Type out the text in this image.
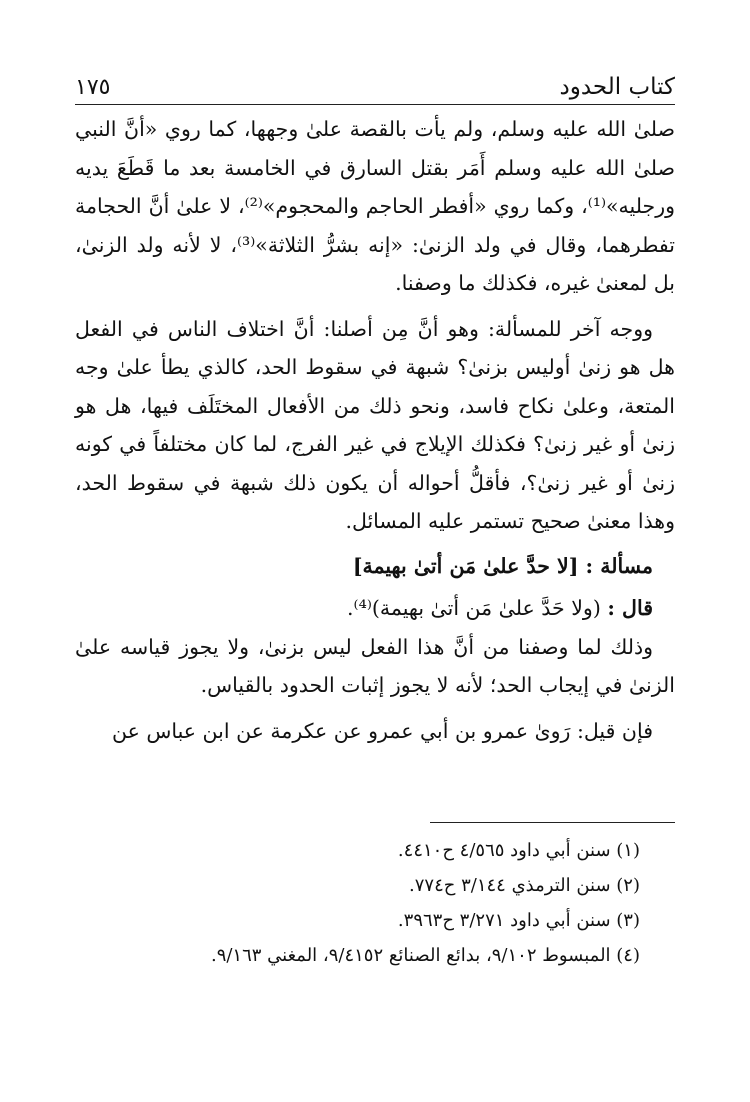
كتاب الحدود
١٧٥

صلىٰ الله عليه وسلم، ولم يأت بالقصة علىٰ وجهها، كما روي «أنَّ النبي صلىٰ الله عليه وسلم أَمَر بقتل السارق في الخامسة بعد ما قَطَعَ يديه ورجليه»⁽¹⁾، وكما روي «أفطر الحاجم والمحجوم»⁽²⁾، لا علىٰ أنَّ الحجامة تفطرهما، وقال في ولد الزنىٰ: «إنه بشرُّ الثلاثة»⁽³⁾، لا لأنه ولد الزنىٰ، بل لمعنىٰ غيره، فكذلك ما وصفنا.

ووجه آخر للمسألة: وهو أنَّ مِن أصلنا: أنَّ اختلاف الناس في الفعل هل هو زنىٰ أوليس بزنىٰ؟ شبهة في سقوط الحد، كالذي يطأ علىٰ وجه المتعة، وعلىٰ نكاح فاسد، ونحو ذلك من الأفعال المختَلَف فيها، هل هو زنىٰ أو غير زنىٰ؟ فكذلك الإيلاج في غير الفرج، لما كان مختلفاً في كونه زنىٰ أو غير زنىٰ؟، فأقلُّ أحواله أن يكون ذلك شبهة في سقوط الحد، وهذا معنىٰ صحيح تستمر عليه المسائل.

مسألة : [لا حدَّ علىٰ مَن أتىٰ بهيمة]

قال : (ولا حَدَّ علىٰ مَن أتىٰ بهيمة)⁽⁴⁾.

وذلك لما وصفنا من أنَّ هذا الفعل ليس بزنىٰ، ولا يجوز قياسه علىٰ الزنىٰ في إيجاب الحد؛ لأنه لا يجوز إثبات الحدود بالقياس.

فإن قيل: رَوىٰ عمرو بن أبي عمرو عن عكرمة عن ابن عباس عن

(١) سنن أبي داود ٤/٥٦٥ ح٤٤١٠.

(٢) سنن الترمذي ٣/١٤٤ ح٧٧٤.

(٣) سنن أبي داود ٣/٢٧١ ح٣٩٦٣.

(٤) المبسوط ٩/١٠٢، بدائع الصنائع ٩/٤١٥٢، المغني ٩/١٦٣.
